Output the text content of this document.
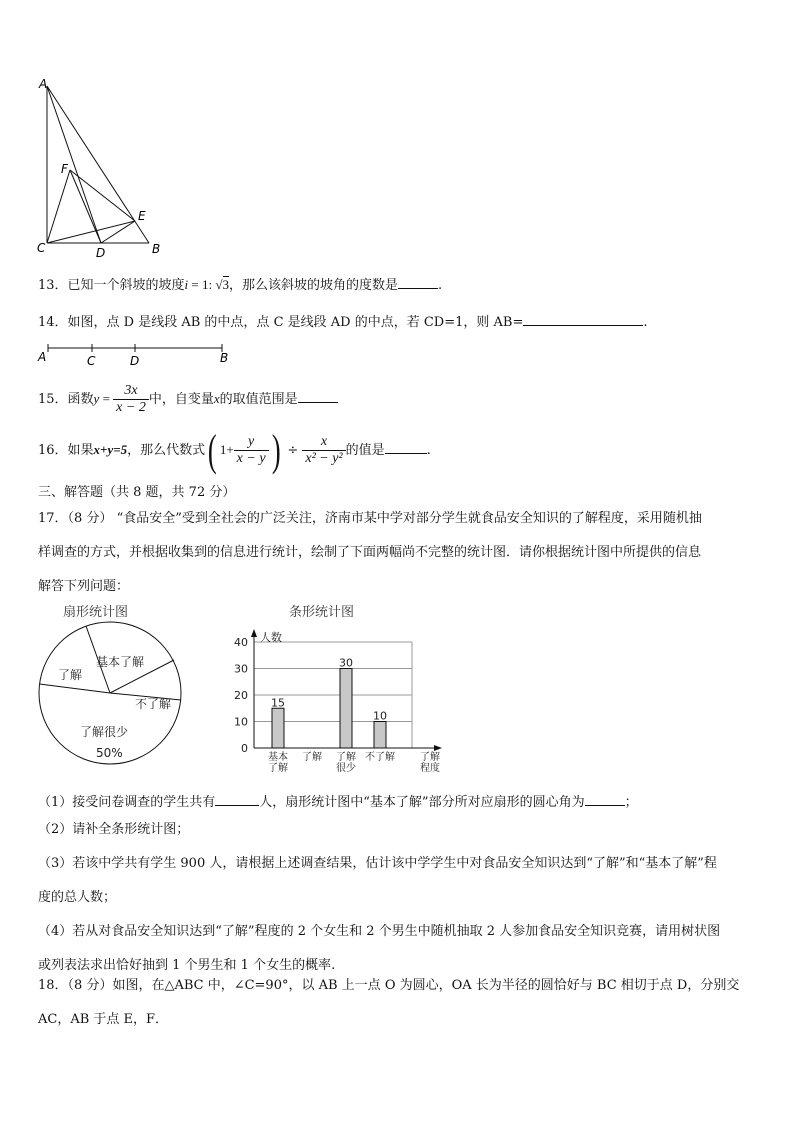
A
F
E
C	D	B
13．已知一个斜坡的坡度i = 1: √3，那么该斜坡的坡角的度数是	.
14．如图，点 D 是线段 AB 的中点，点 C 是线段 AD 的中点，若 CD=1，则 AB=	.
A	C	D	B
15．函数$y = \frac{3x}{x - 2}$ 中，自变量x的取值范围是
16．如果x+y=5，那么代数式( $1+ \frac{y}{x - y}$ ) ÷ $\frac{x}{\text{x² − y²}}$ 的值是	.
三、解答题（共 8 题，共 72 分）
17．（8 分） “食品安全”受到全社会的广泛关注，济南市某中学对部分学生就食品安全知识的了解程度，采用随机抽
样调查的方式，并根据收集到的信息进行统计，绘制了下面两幅尚不完整的统计图．请你根据统计图中所提供的信息
解答下列问题：
扇形统计图
基本了解
了解
不了解
了解很少
50%
条形统计图
0
10
20
30
40 人数
15
基本
了解
了解
30
了解
很少
10
不了解	了解
程度
（1）接受问卷调查的学生共有	人，扇形统计图中“基本了解”部分所对应扇形的圆心角为	；
（2）请补全条形统计图；
（3）若该中学共有学生 900 人，请根据上述调查结果，估计该中学学生中对食品安全知识达到“了解”和“基本了解”程
度的总人数；
（4）若从对食品安全知识达到“了解”程度的 2 个女生和 2 个男生中随机抽取 2 人参加食品安全知识竞赛，请用树状图
或列表法求出恰好抽到 1 个男生和 1 个女生的概率.
18．（8 分）如图，在△ABC 中，∠C=90°，以 AB 上一点 O 为圆心，OA 长为半径的圆恰好与 BC 相切于点 D，分别交
AC，AB 于点 E，F．
